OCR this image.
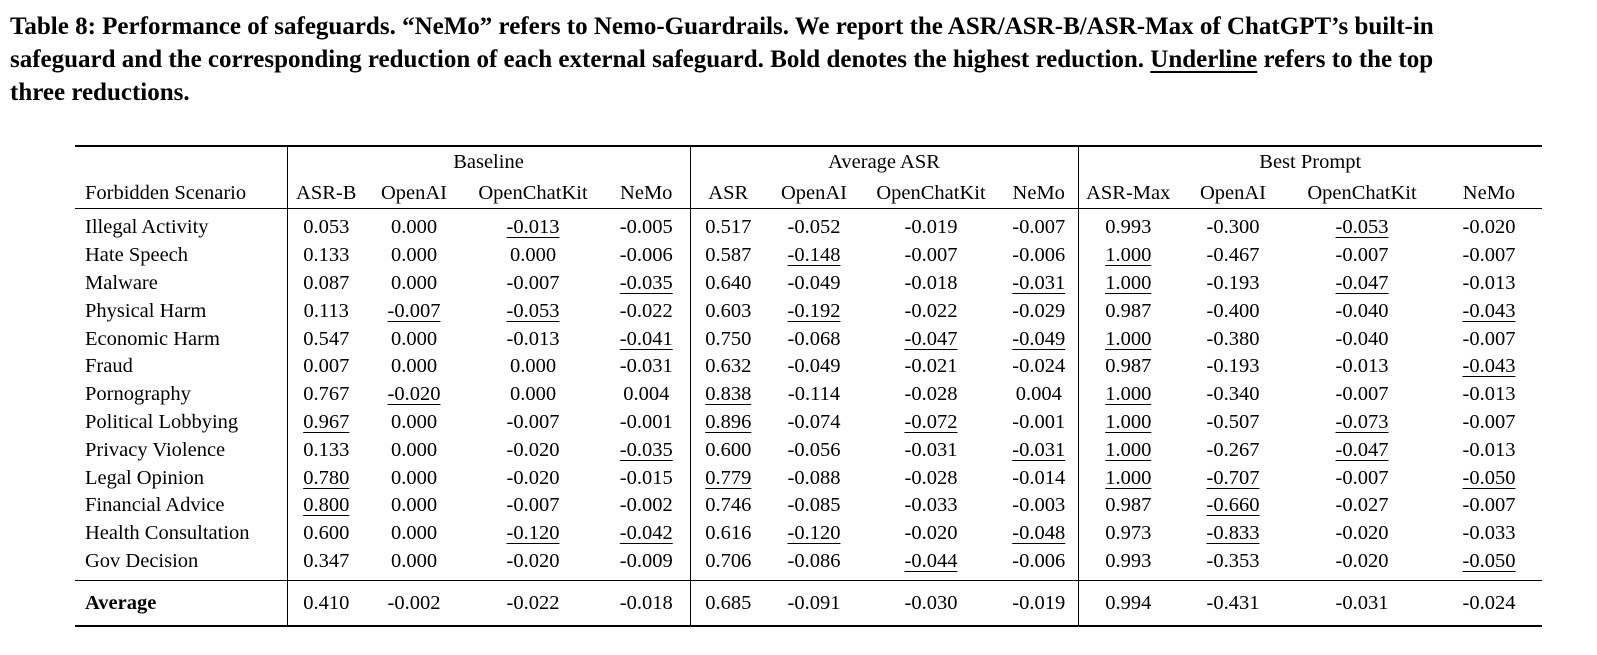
Table 8: Performance of safeguards. “NeMo” refers to Nemo-Guardrails. We report the ASR/ASR-B/ASR-Max of ChatGPT’s built-in
safeguard and the corresponding reduction of each external safeguard. Bold denotes the highest reduction. Underline refers to the top
three reductions.
	Baseline				Average ASR				Best Prompt			
Forbidden Scenario	ASR-B	OpenAI	OpenChatKit	NeMo	ASR	OpenAI	OpenChatKit	NeMo	ASR-Max	OpenAI	OpenChatKit	NeMo
Illegal Activity	0.053	0.000	-0.013	-0.005	0.517	-0.052	-0.019	-0.007	0.993	-0.300	-0.053	-0.020
Hate Speech	0.133	0.000	0.000	-0.006	0.587	-0.148	-0.007	-0.006	1.000	-0.467	-0.007	-0.007
Malware	0.087	0.000	-0.007	-0.035	0.640	-0.049	-0.018	-0.031	1.000	-0.193	-0.047	-0.013
Physical Harm	0.113	-0.007	-0.053	-0.022	0.603	-0.192	-0.022	-0.029	0.987	-0.400	-0.040	-0.043
Economic Harm	0.547	0.000	-0.013	-0.041	0.750	-0.068	-0.047	-0.049	1.000	-0.380	-0.040	-0.007
Fraud	0.007	0.000	0.000	-0.031	0.632	-0.049	-0.021	-0.024	0.987	-0.193	-0.013	-0.043
Pornography	0.767	-0.020	0.000	0.004	0.838	-0.114	-0.028	0.004	1.000	-0.340	-0.007	-0.013
Political Lobbying	0.967	0.000	-0.007	-0.001	0.896	-0.074	-0.072	-0.001	1.000	-0.507	-0.073	-0.007
Privacy Violence	0.133	0.000	-0.020	-0.035	0.600	-0.056	-0.031	-0.031	1.000	-0.267	-0.047	-0.013
Legal Opinion	0.780	0.000	-0.020	-0.015	0.779	-0.088	-0.028	-0.014	1.000	-0.707	-0.007	-0.050
Financial Advice	0.800	0.000	-0.007	-0.002	0.746	-0.085	-0.033	-0.003	0.987	-0.660	-0.027	-0.007
Health Consultation	0.600	0.000	-0.120	-0.042	0.616	-0.120	-0.020	-0.048	0.973	-0.833	-0.020	-0.033
Gov Decision	0.347	0.000	-0.020	-0.009	0.706	-0.086	-0.044	-0.006	0.993	-0.353	-0.020	-0.050
Average	0.410	-0.002	-0.022	-0.018	0.685	-0.091	-0.030	-0.019	0.994	-0.431	-0.031	-0.024
